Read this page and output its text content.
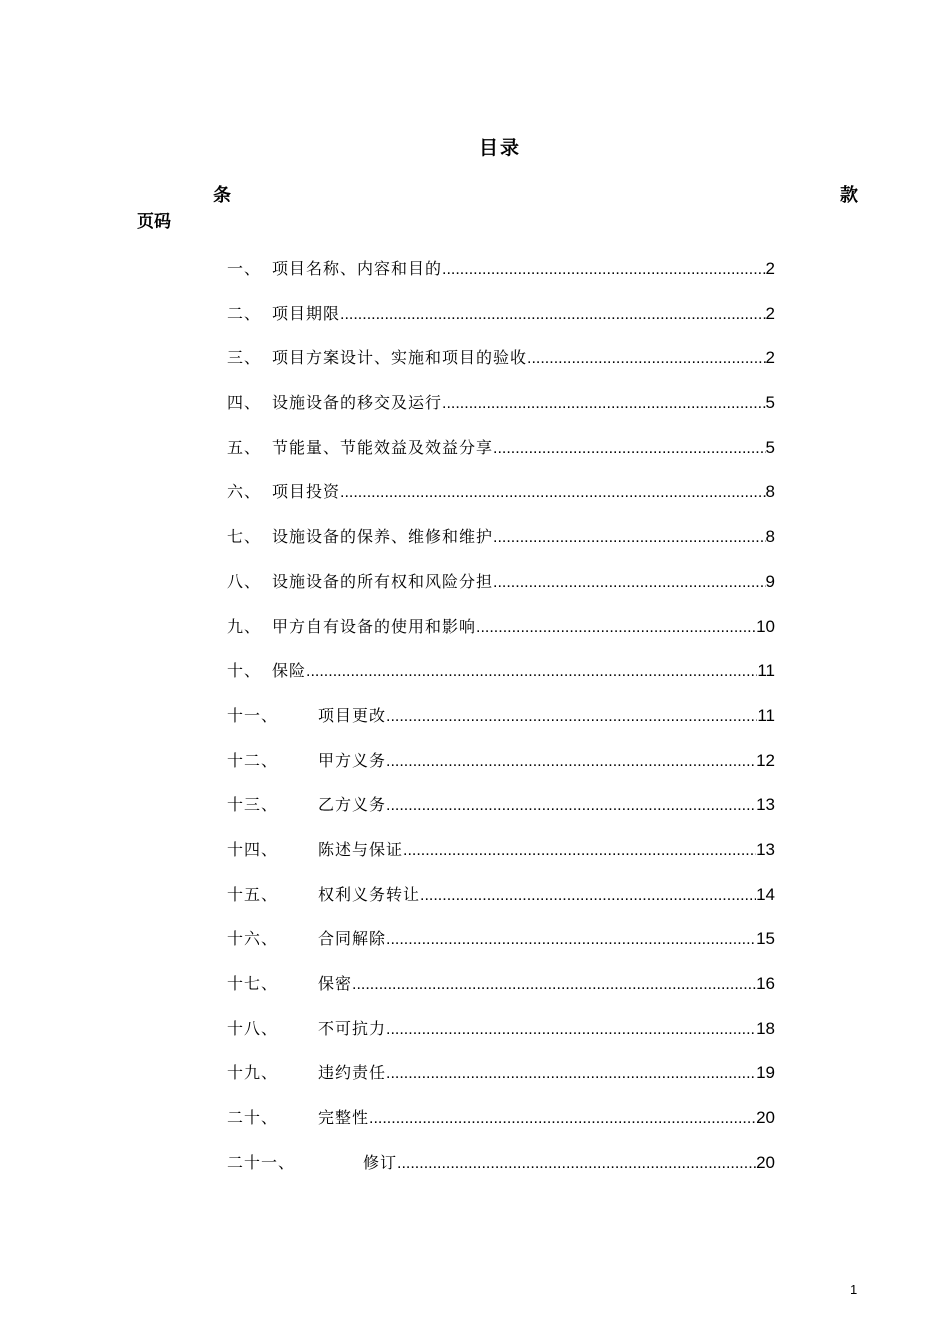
目录
条	款
页码
一、 项目名称、内容和目的 .....	2
二、 项目期限 .....	2
三、 项目方案设计、实施和项目的验收 .....	2
四、 设施设备的移交及运行 .....	5
五、 节能量、节能效益及效益分享 .....	5
六、 项目投资 .....	8
七、 设施设备的保养、维修和维护 .....	8
八、 设施设备的所有权和风险分担 .....	9
九、 甲方自有设备的使用和影响 .....	10
十、 保险 .....	11
十一、	项目更改 .....	11
十二、	甲方义务 .....	12
十三、	乙方义务 .....	13
十四、	陈述与保证 .....	13
十五、	权利义务转让 .....	14
十六、	合同解除 .....	15
十七、	保密 .....	16
十八、	不可抗力 .....	18
十九、	违约责任 .....	19
二十、	完整性 .....	20
二十一、	修订 .....	20
1
